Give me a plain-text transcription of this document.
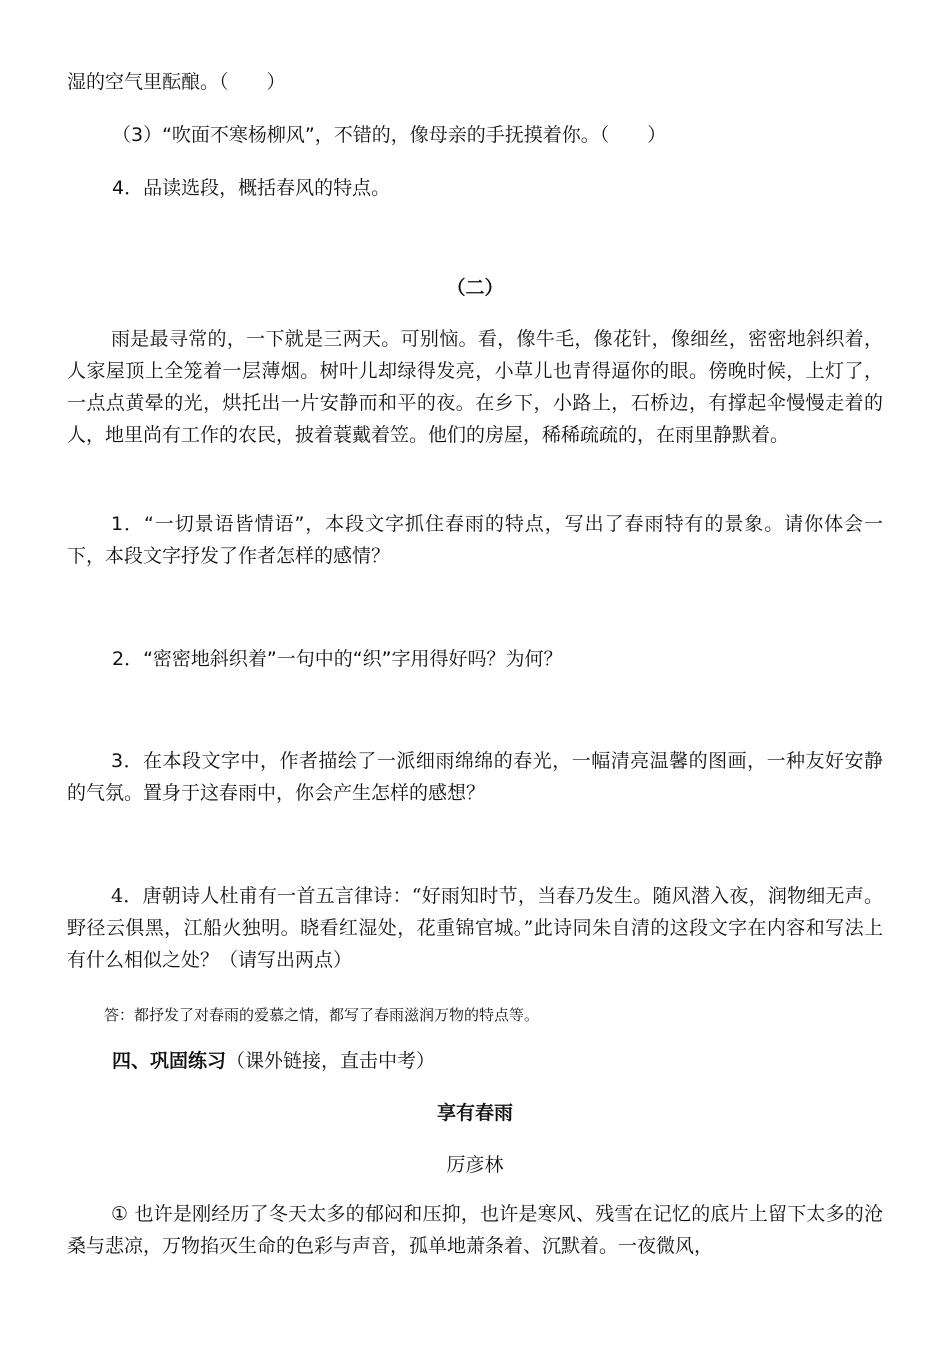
湿的空气里酝酿。（　　）
（3）“吹面不寒杨柳风”，不错的，像母亲的手抚摸着你。（　　）
4．品读选段，概括春风的特点。
（二）
雨是最寻常的，一下就是三两天。可别恼。看，像牛毛，像花针，像细丝，密密地斜织着，人家屋顶上全笼着一层薄烟。树叶儿却绿得发亮，小草儿也青得逼你的眼。傍晚时候，上灯了，一点点黄晕的光，烘托出一片安静而和平的夜。在乡下，小路上，石桥边，有撑起伞慢慢走着的人，地里尚有工作的农民，披着蓑戴着笠。他们的房屋，稀稀疏疏的，在雨里静默着。
1．“一切景语皆情语”，本段文字抓住春雨的特点，写出了春雨特有的景象。请你体会一下，本段文字抒发了作者怎样的感情？
2．“密密地斜织着”一句中的“织”字用得好吗？为何？
3．在本段文字中，作者描绘了一派细雨绵绵的春光，一幅清亮温馨的图画，一种友好安静的气氛。置身于这春雨中，你会产生怎样的感想？
4．唐朝诗人杜甫有一首五言律诗：“好雨知时节，当春乃发生。随风潜入夜，润物细无声。野径云俱黑，江船火独明。晓看红湿处，花重锦官城。”此诗同朱自清的这段文字在内容和写法上有什么相似之处？（请写出两点）
答：都抒发了对春雨的爱慕之情，都写了春雨滋润万物的特点等。
四、巩固练习（课外链接，直击中考）
享有春雨
厉彦林
① 也许是刚经历了冬天太多的郁闷和压抑，也许是寒风、残雪在记忆的底片上留下太多的沧桑与悲凉，万物掐灭生命的色彩与声音，孤单地萧条着、沉默着。一夜微风，
